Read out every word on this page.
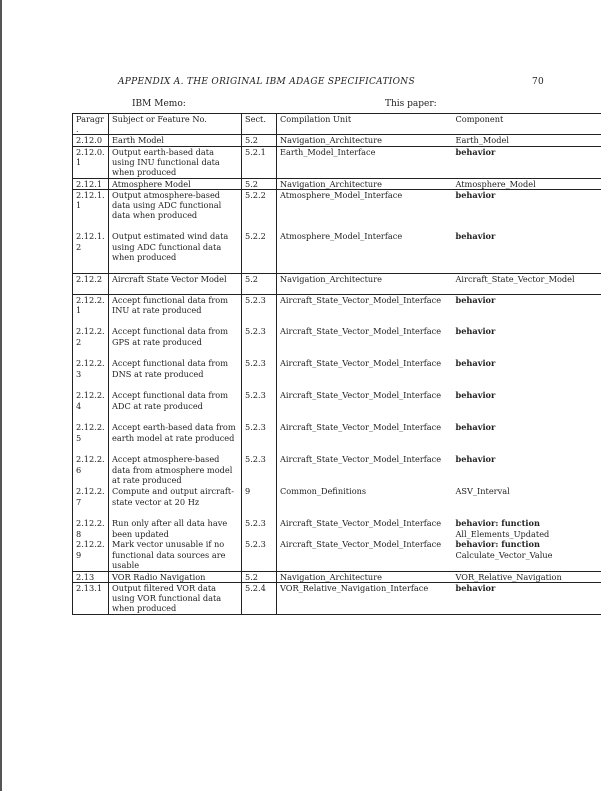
APPENDIX A. THE ORIGINAL IBM ADAGE SPECIFICATIONS	70
IBM Memo:	This paper:
Paragr.	Subject or Feature No.	Sect.	Compilation Unit	Component
2.12.0	Earth Model	5.2	Navigation_Architecture	Earth_Model

2.12.0.1	Output earth-based data using INU functional data when produced	5.2.1	Earth_Model_Interface	behavior

2.12.1	Atmosphere Model	5.2	Navigation_Architecture	Atmosphere_Model

2.12.1.1	Output atmosphere-based data using ADC functional data when produced	5.2.2	Atmosphere_Model_Interface	behavior

2.12.1.2	Output estimated wind data using ADC functional data when produced	5.2.2	Atmosphere_Model_Interface	behavior

2.12.2	Aircraft State Vector Model	5.2	Navigation_Architecture	Aircraft_State_Vector_Model

2.12.2.1	Accept functional data from INU at rate produced	5.2.3	Aircraft_State_Vector_Model_Interface	behavior

2.12.2.2	Accept functional data from GPS at rate produced	5.2.3	Aircraft_State_Vector_Model_Interface	behavior

2.12.2.3	Accept functional data from DNS at rate produced	5.2.3	Aircraft_State_Vector_Model_Interface	behavior

2.12.2.4	Accept functional data from ADC at rate produced	5.2.3	Aircraft_State_Vector_Model_Interface	behavior

2.12.2.5	Accept earth-based data from earth model at rate produced	5.2.3	Aircraft_State_Vector_Model_Interface	behavior

2.12.2.6	Accept atmosphere-based data from atmosphere model at rate produced	5.2.3	Aircraft_State_Vector_Model_Interface	behavior

2.12.2.7	Compute and output aircraft-state vector at 20 Hz	9	Common_Definitions	ASV_Interval

2.12.2.8	Run only after all data have been updated	5.2.3	Aircraft_State_Vector_Model_Interface	behavior: function
All_Elements_Updated

2.12.2.9	Mark vector unusable if no functional data sources are usable	5.2.3	Aircraft_State_Vector_Model_Interface	behavior: function
Calculate_Vector_Value

2.13	VOR Radio Navigation	5.2	Navigation_Architecture	VOR_Relative_Navigation

2.13.1	Output filtered VOR data using VOR functional data when produced	5.2.4	VOR_Relative_Navigation_Interface	behavior
